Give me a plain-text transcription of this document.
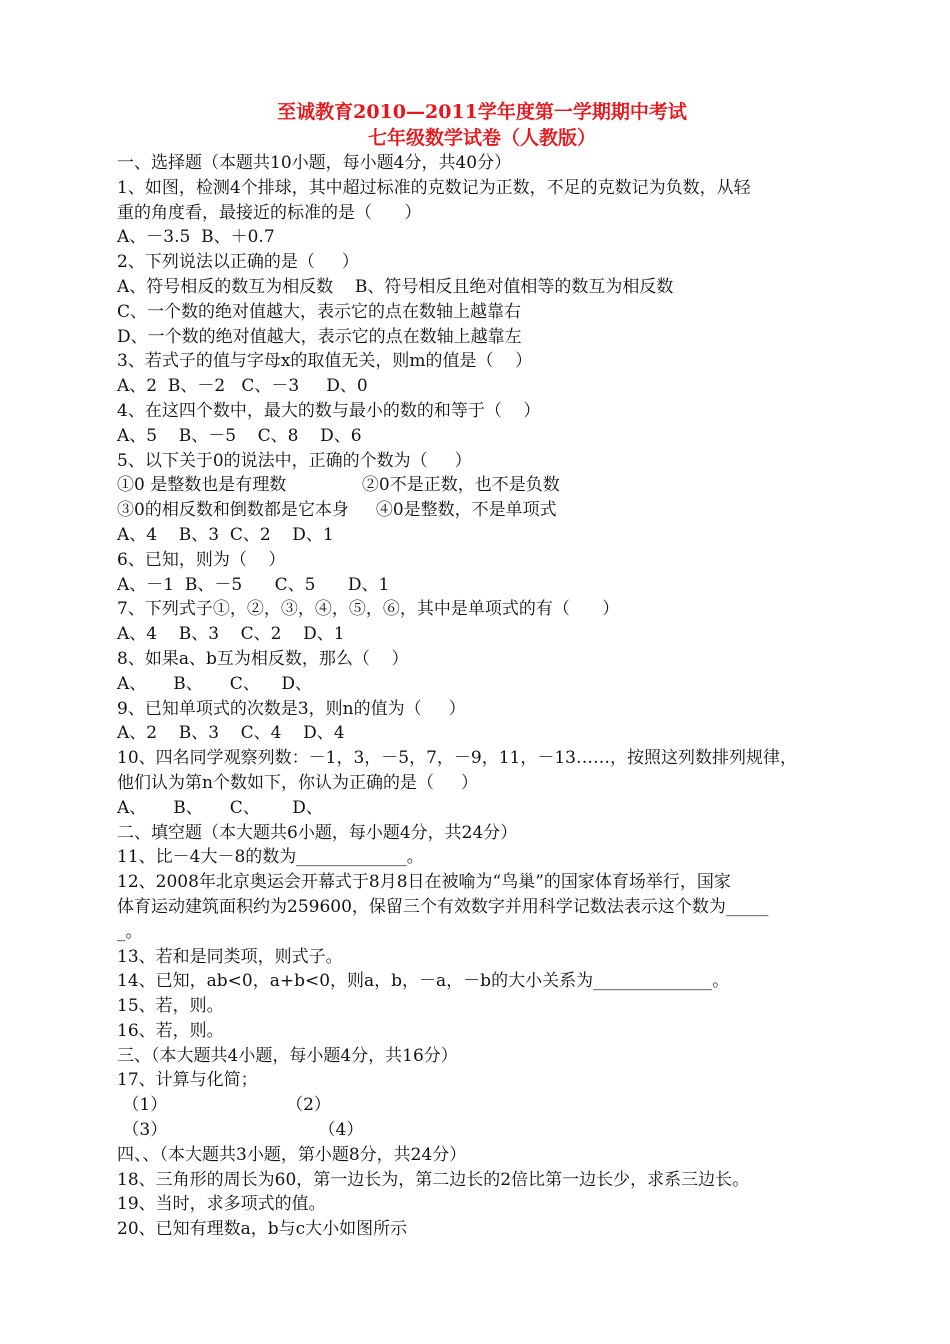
至诚教育2010—2011学年度第一学期期中考试
七年级数学试卷（人教版）
一、选择题（本题共10小题，每小题4分，共40分）
1、如图，检测4个排球，其中超过标准的克数记为正数，不足的克数记为负数，从轻
重的角度看，最接近的标准的是（      ）
A、－3.5  B、＋0.7
2、下列说法以正确的是（     ）
A、符号相反的数互为相反数    B、符号相反且绝对值相等的数互为相反数
C、一个数的绝对值越大，表示它的点在数轴上越靠右
D、一个数的绝对值越大，表示它的点在数轴上越靠左
3、若式子的值与字母x的取值无关，则m的值是（    ）
A、2  B、－2   C、－3     D、0
4、在这四个数中，最大的数与最小的数的和等于（    ）
A、5    B、－5    C、8    D、6
5、以下关于0的说法中，正确的个数为（     ）
①0 是整数也是有理数              ②0不是正数，也不是负数
③0的相反数和倒数都是它本身     ④0是整数，不是单项式
A、4    B、3  C、2    D、1
6、已知，则为（    ）
A、－1  B、－5      C、5      D、1
7、下列式子①，②，③，④，⑤，⑥，其中是单项式的有（      ）
A、4    B、3    C、2    D、1
8、如果a、b互为相反数，那么（    ）
A、     B、     C、    D、
9、已知单项式的次数是3，则n的值为（     ）
A、2    B、3    C、4    D、4
10、四名同学观察列数：－1，3，－5，7，－9，11，－13……，按照这列数排列规律，
他们认为第n个数如下，你认为正确的是（     ）
A、     B、     C、      D、
二、填空题（本大题共6小题，每小题4分，共24分）
11、比－4大－8的数为_____________。
12、2008年北京奥运会开幕式于8月8日在被喻为“鸟巢”的国家体育场举行，国家
体育运动建筑面积约为259600，保留三个有效数字并用科学记数法表示这个数为_____
_。
13、若和是同类项，则式子。
14、已知，ab<0，a+b<0，则a，b，－a，－b的大小关系为______________。
15、若，则。
16、若，则。
三、（本大题共4小题，每小题4分，共16分）
17、计算与化简；
（1）                      （2）
（3）                            （4）
四、、（本大题共3小题，第小题8分，共24分）
18、三角形的周长为60，第一边长为，第二边长的2倍比第一边长少，求系三边长。
19、当时，求多项式的值。
20、已知有理数a，b与c大小如图所示
